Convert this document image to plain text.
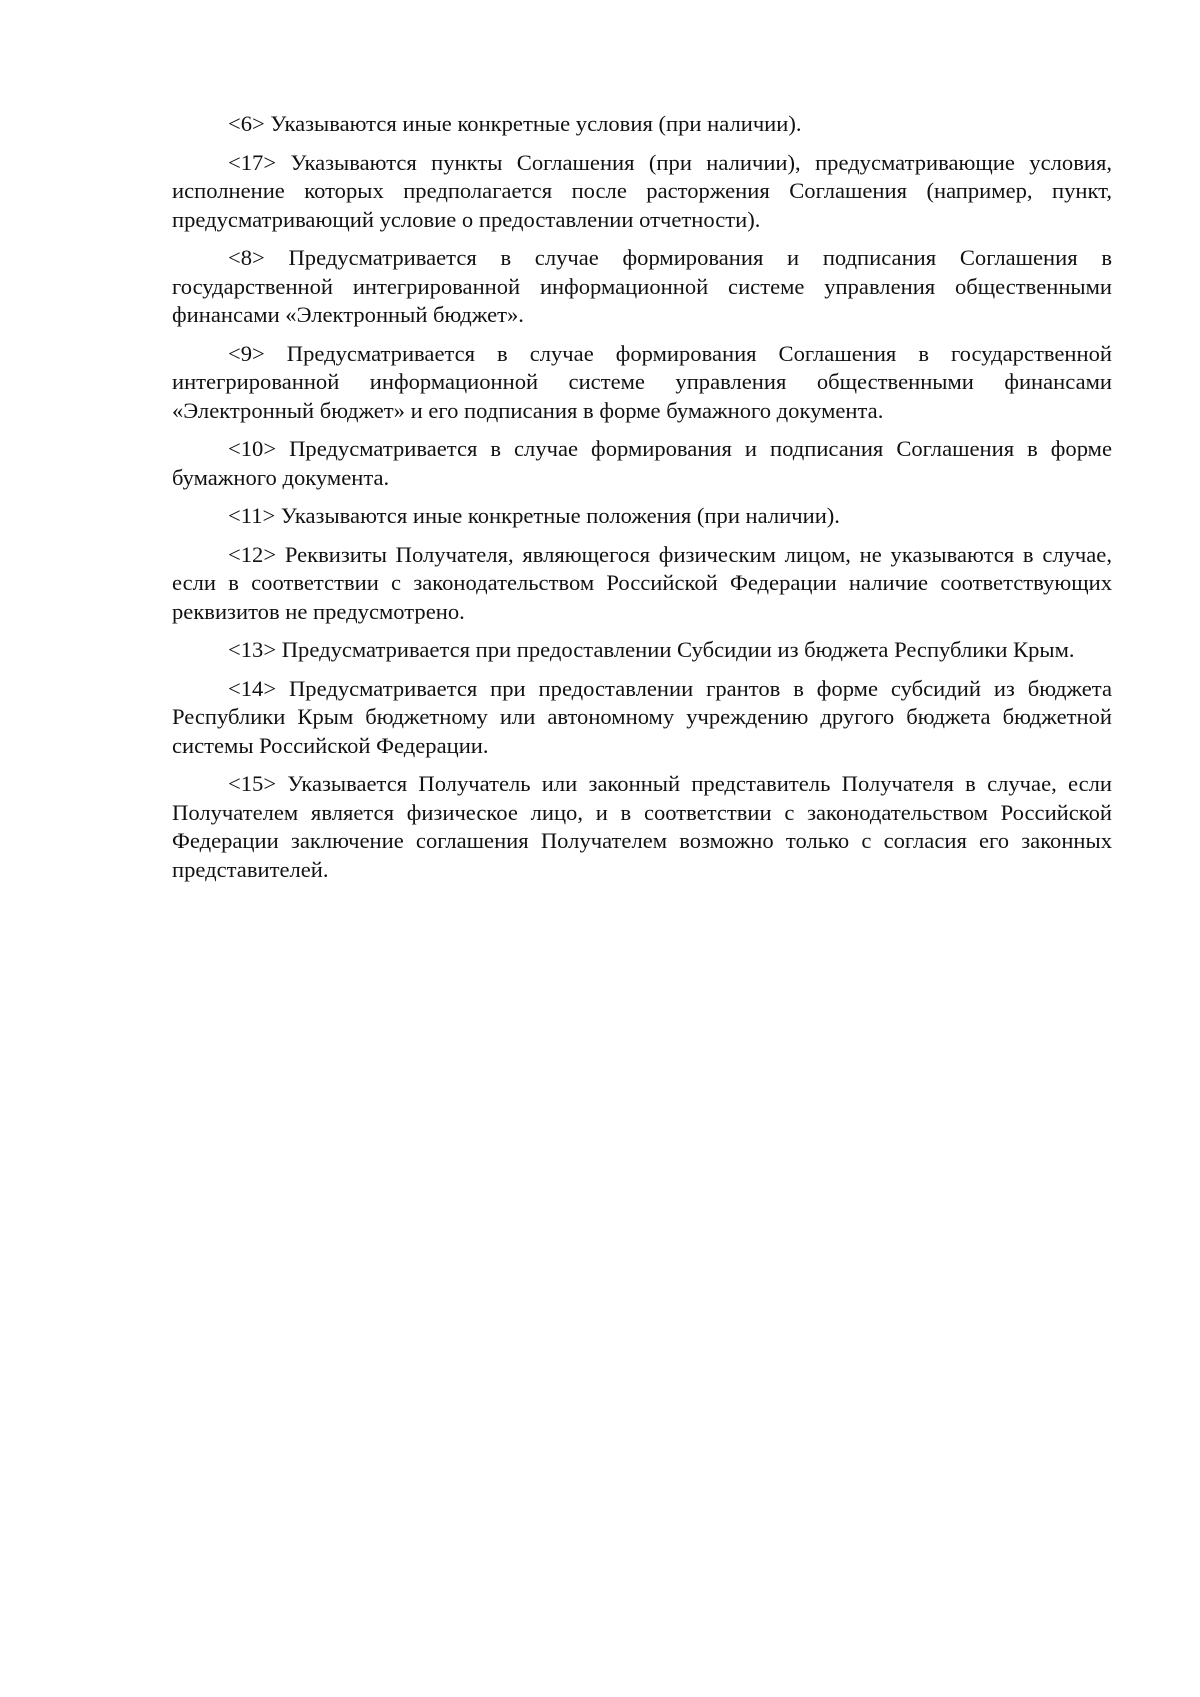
<6> Указываются иные конкретные условия (при наличии).

<17> Указываются пункты Соглашения (при наличии), предусматривающие условия, исполнение которых предполагается после расторжения Соглашения (например, пункт, предусматривающий условие о предоставлении отчетности).

<8> Предусматривается в случае формирования и подписания Соглашения в государственной интегрированной информационной системе управления общественными финансами «Электронный бюджет».

<9> Предусматривается в случае формирования Соглашения в государственной интегрированной информационной системе управления общественными финансами «Электронный бюджет» и его подписания в форме бумажного документа.

<10> Предусматривается в случае формирования и подписания Соглашения в форме бумажного документа.

<11> Указываются иные конкретные положения (при наличии).

<12> Реквизиты Получателя, являющегося физическим лицом, не указываются в случае, если в соответствии с законодательством Российской Федерации наличие соответствующих реквизитов не предусмотрено.

<13> Предусматривается при предоставлении Субсидии из бюджета Республики Крым.

<14> Предусматривается при предоставлении грантов в форме субсидий из бюджета Республики Крым бюджетному или автономному учреждению другого бюджета бюджетной системы Российской Федерации.

<15> Указывается Получатель или законный представитель Получателя в случае, если Получателем является физическое лицо, и в соответствии с законодательством Российской Федерации заключение соглашения Получателем возможно только с согласия его законных представителей.
